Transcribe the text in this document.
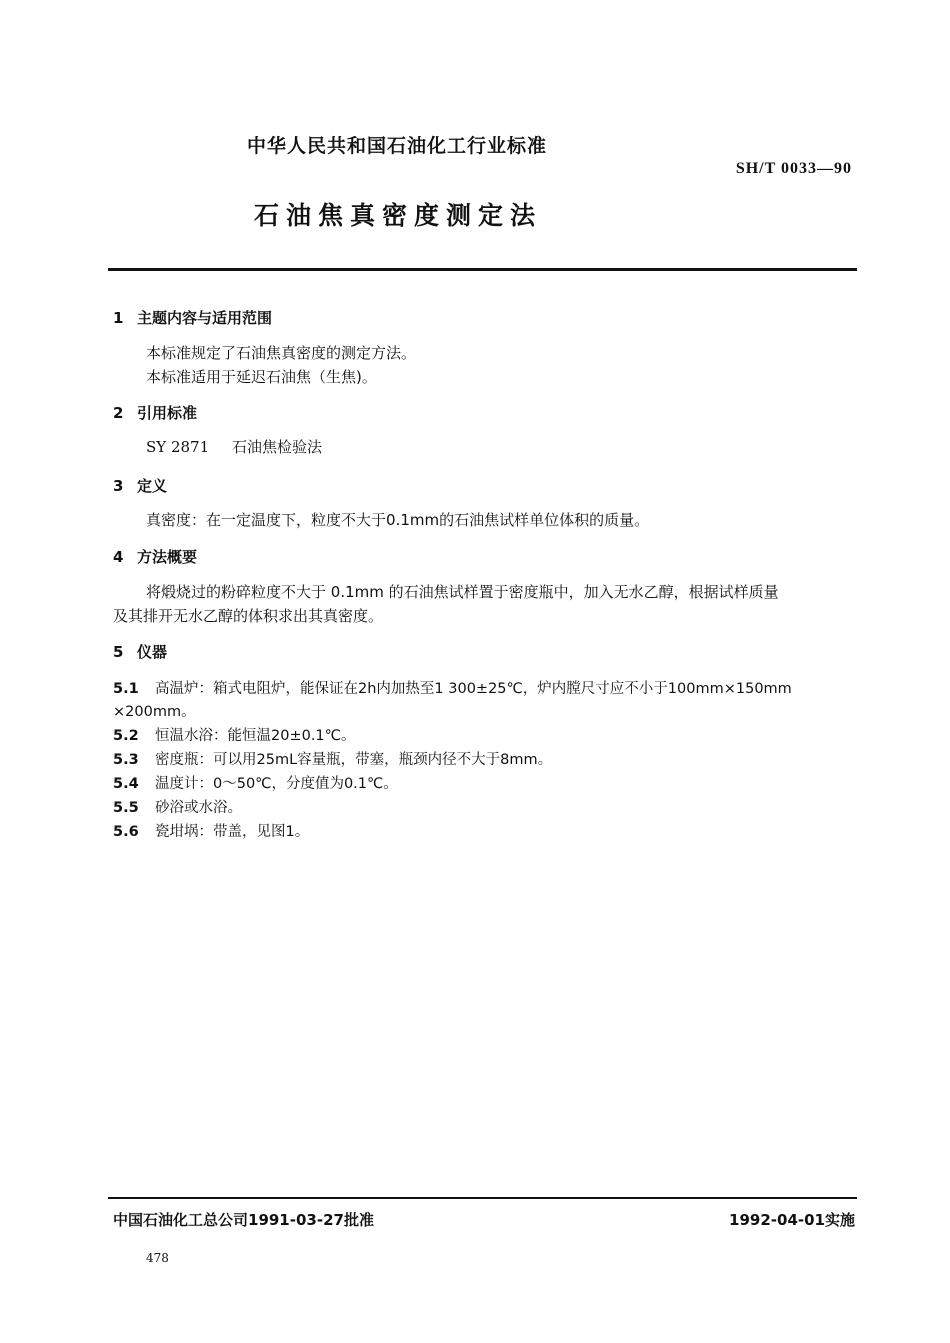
中华人民共和国石油化工行业标准
SH/T 0033—90
石油焦真密度测定法
1 主题内容与适用范围
本标准规定了石油焦真密度的测定方法。
本标准适用于延迟石油焦（生焦)。
2 引用标准
SY 2871 石油焦检验法
3 定义
真密度：在一定温度下，粒度不大于0.1mm的石油焦试样单位体积的质量。
4 方法概要
将煅烧过的粉碎粒度不大于 0.1mm 的石油焦试样置于密度瓶中，加入无水乙醇，根据试样质量
及其排开无水乙醇的体积求出其真密度。
5 仪器
5.1 高温炉：箱式电阻炉，能保证在2h内加热至1 300±25℃，炉内膛尺寸应不小于100mm×150mm
×200mm。
5.2 恒温水浴：能恒温20±0.1℃。
5.3 密度瓶：可以用25mL容量瓶，带塞，瓶颈内径不大于8mm。
5.4 温度计：0～50℃，分度值为0.1℃。
5.5 砂浴或水浴。
5.6 瓷坩埚：带盖，见图1。
中国石油化工总公司1991-03-27批准	1992-04-01实施
478
